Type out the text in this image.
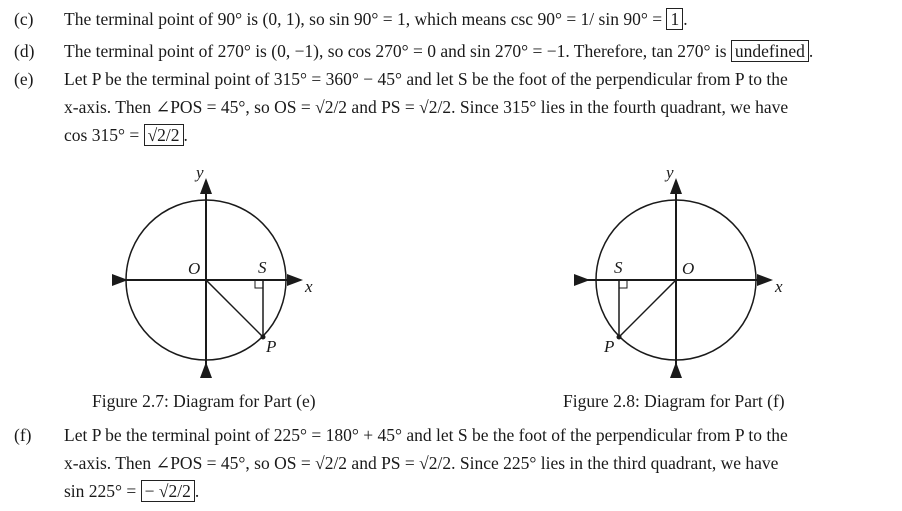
(c) The terminal point of 90° is (0, 1), so sin 90° = 1, which means csc 90° = 1/ sin 90° = 1 .
(d) The terminal point of 270° is (0, −1), so cos 270° = 0 and sin 270° = −1. Therefore, tan 270° is undefined .
(e) Let P be the terminal point of 315° = 360° − 45° and let S be the foot of the perpendicular from P to the
x-axis. Then ∠POS = 45°, so OS = √2/2 and PS = √2/2. Since 315° lies in the fourth quadrant, we have
cos 315° = √2/2 .
y
O	S
x
P
Figure 2.7: Diagram for Part (e)
y
S	O
x
P
Figure 2.8: Diagram for Part (f)
(f) Let P be the terminal point of 225° = 180° + 45° and let S be the foot of the perpendicular from P to the
x-axis. Then ∠POS = 45°, so OS = √2/2 and PS = √2/2. Since 225° lies in the third quadrant, we have
sin 225° = − √2/2 .
